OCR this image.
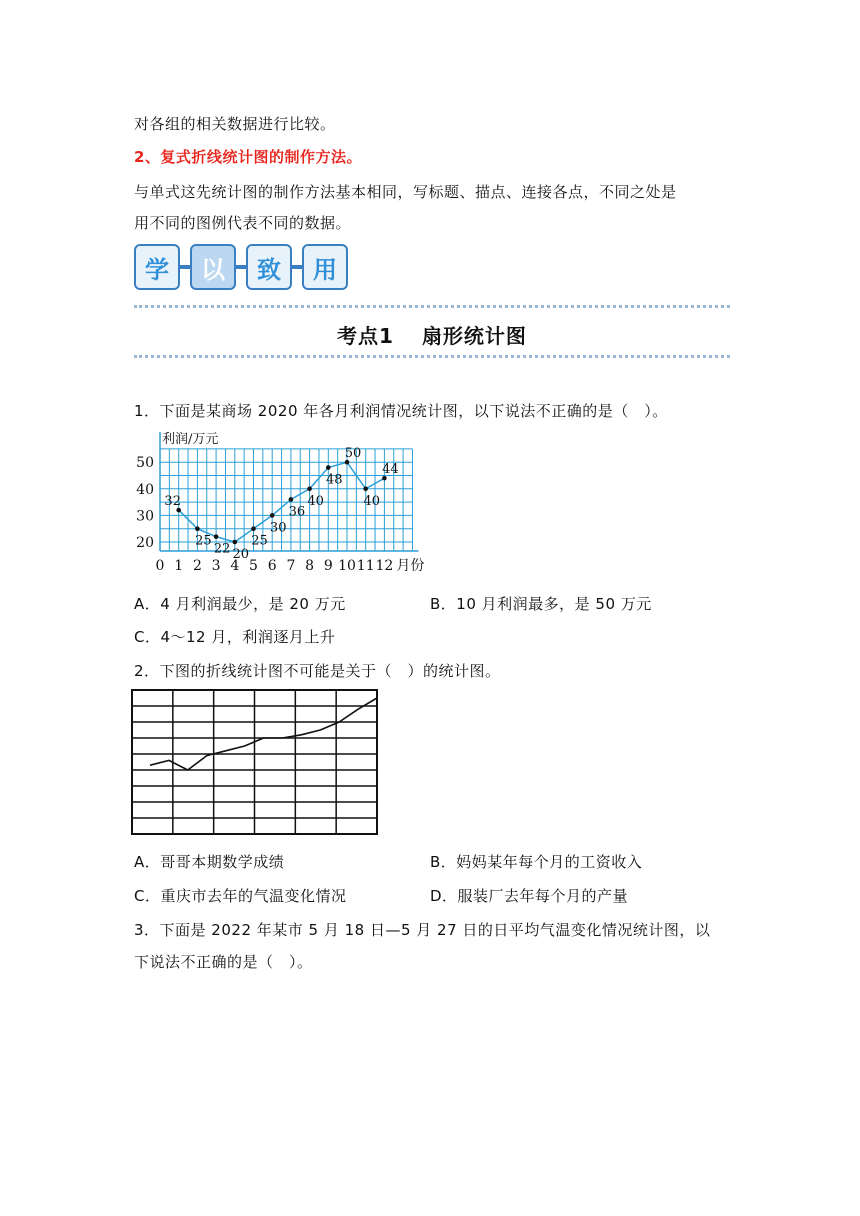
对各组的相关数据进行比较。
2、复式折线统计图的制作方法。
与单式这先统计图的制作方法基本相同，写标题、描点、连接各点，不同之处是
用不同的图例代表不同的数据。
学	以	致	用
考点1 扇形统计图
1．下面是某商场 2020 年各月利润情况统计图，以下说法不正确的是（　）。
利润/万元
20
30
40
50
0 1 2 3 4 5 6 7 8 9 10 11 12 月份
32
25
22 20
25
30
36
40
48
50
40
44
A．4 月利润最少，是 20 万元	B．10 月利润最多，是 50 万元
C．4～12 月，利润逐月上升
2．下图的折线统计图不可能是关于（　）的统计图。
A．哥哥本期数学成绩	B．妈妈某年每个月的工资收入
C．重庆市去年的气温变化情况	D．服装厂去年每个月的产量
3．下面是 2022 年某市 5 月 18 日—5 月 27 日的日平均气温变化情况统计图，以
下说法不正确的是（　）。
